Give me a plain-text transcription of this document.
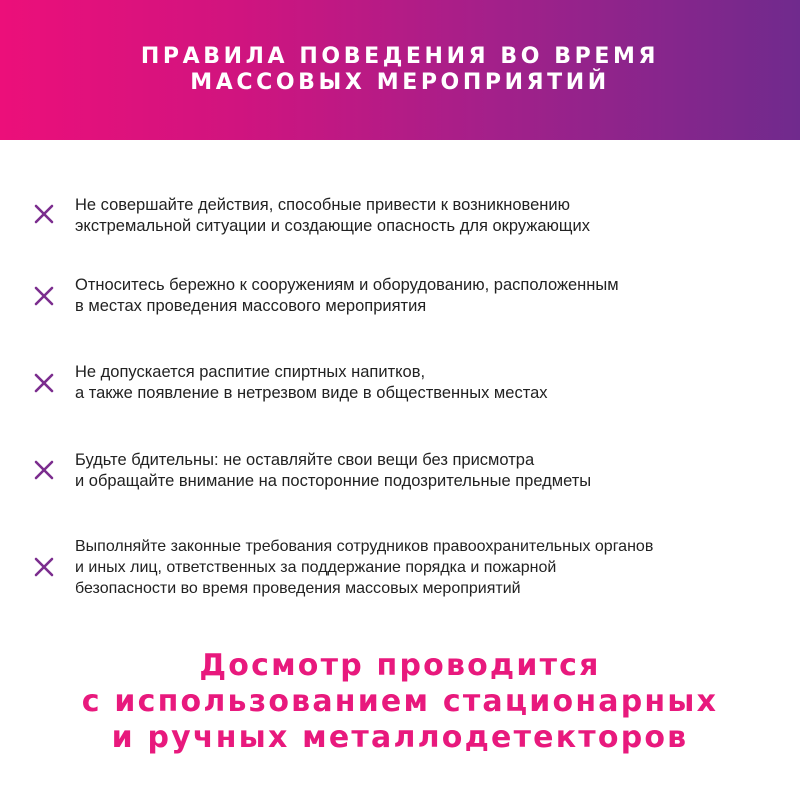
ПРАВИЛА ПОВЕДЕНИЯ ВО ВРЕМЯ
МАССОВЫХ МЕРОПРИЯТИЙ
Не совершайте действия, способные привести к возникновению
экстремальной ситуации и создающие опасность для окружающих
Относитесь бережно к сооружениям и оборудованию, расположенным
в местах проведения массового мероприятия
Не допускается распитие спиртных напитков,
а также появление в нетрезвом виде в общественных местах
Будьте бдительны: не оставляйте свои вещи без присмотра
и обращайте внимание на посторонние подозрительные предметы
Выполняйте законные требования сотрудников правоохранительных органов
и иных лиц, ответственных за поддержание порядка и пожарной
безопасности во время проведения массовых мероприятий
Досмотр проводится
с использованием стационарных
и ручных металлодетекторов
